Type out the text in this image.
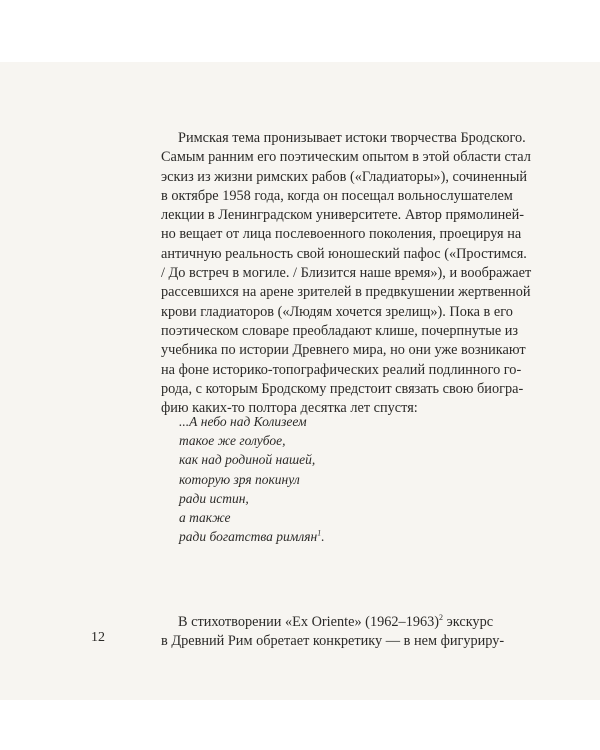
Римская тема пронизывает истоки творчества Бродского.
Самым ранним его поэтическим опытом в этой области стал
эскиз из жизни римских рабов («Гладиаторы»), сочиненный
в октябре 1958 года, когда он посещал вольнослушателем
лекции в Ленинградском университете. Автор прямолиней-
но вещает от лица послевоенного поколения, проецируя на
античную реальность свой юношеский пафос («Простимся.
/ До встреч в могиле. / Близится наше время»), и воображает
рассевшихся на арене зрителей в предвкушении жертвенной
крови гладиаторов («Людям хочется зрелищ»). Пока в его
поэтическом словаре преобладают клише, почерпнутые из
учебника по истории Древнего мира, но они уже возникают
на фоне историко-топографических реалий подлинного го-
рода, с которым Бродскому предстоит связать свою биогра-
фию каких-то полтора десятка лет спустя:
...А небо над Колизеем
такое же голубое,
как над родиной нашей,
которую зря покинул
ради истин,
а также
ради богатства римлян$^1$.
В стихотворении «Ex Oriente» (1962–1963)$^2$ экскурс
в Древний Рим обретает конкретику — в нем фигуриру-
12
